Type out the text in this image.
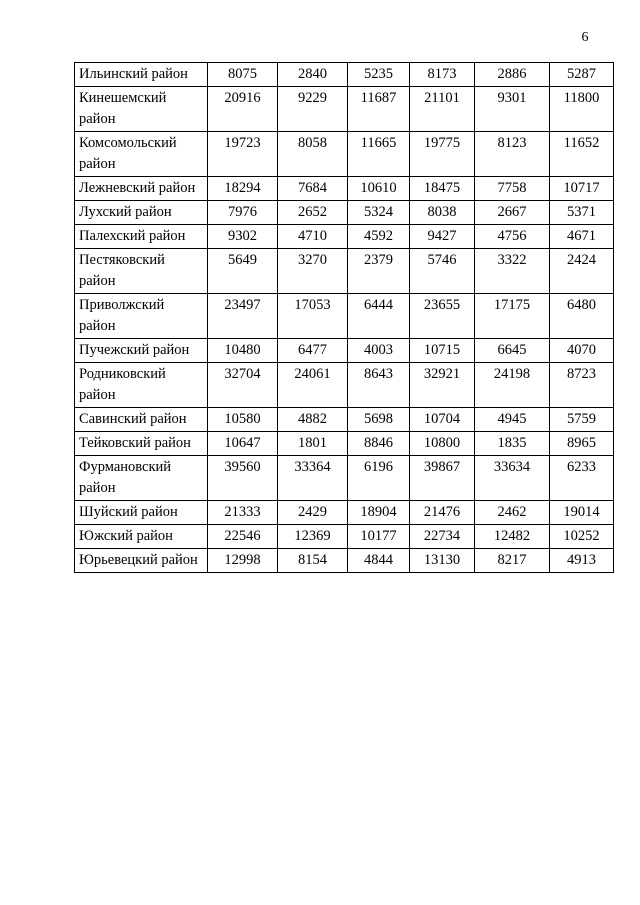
6
Ильинский район	8075	2840	5235	8173	2886	5287
Кинешемский район	20916	9229	11687	21101	9301	11800
Комсомольский район	19723	8058	11665	19775	8123	11652
Лежневский район	18294	7684	10610	18475	7758	10717
Лухский район	7976	2652	5324	8038	2667	5371
Палехский район	9302	4710	4592	9427	4756	4671
Пестяковский район	5649	3270	2379	5746	3322	2424
Приволжский район	23497	17053	6444	23655	17175	6480
Пучежский район	10480	6477	4003	10715	6645	4070
Родниковский район	32704	24061	8643	32921	24198	8723
Савинский район	10580	4882	5698	10704	4945	5759
Тейковский район	10647	1801	8846	10800	1835	8965
Фурмановский район	39560	33364	6196	39867	33634	6233
Шуйский район	21333	2429	18904	21476	2462	19014
Южский район	22546	12369	10177	22734	12482	10252
Юрьевецкий район	12998	8154	4844	13130	8217	4913
